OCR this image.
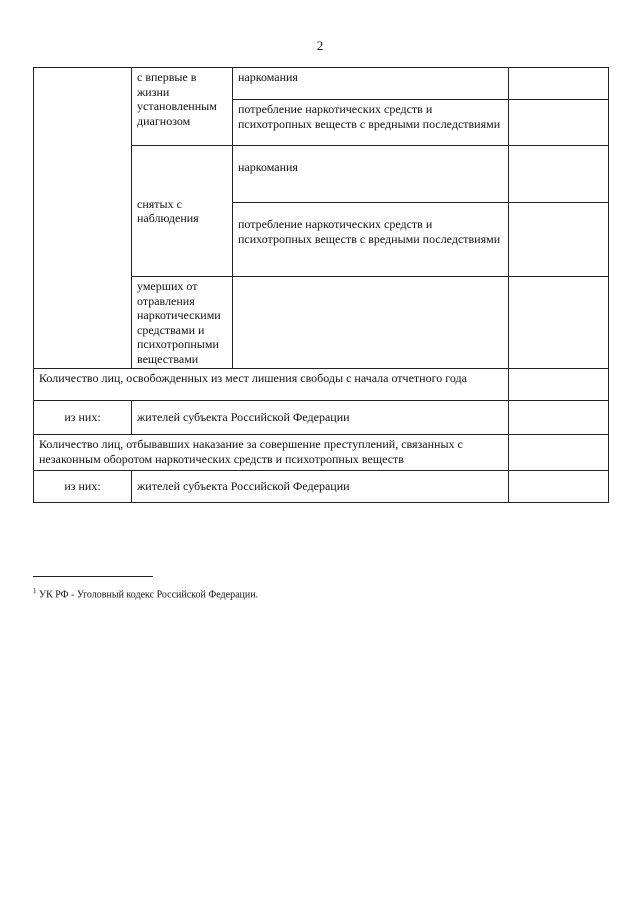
2
	с впервые в жизни установленным диагнозом	наркомания	
		потребление наркотических средств и психотропных веществ с вредными последствиями	
	снятых с наблюдения	наркомания	
		потребление наркотических средств и психотропных веществ с вредными последствиями	
	умерших от отравления наркотическими средствами и психотропными веществами		
Количество лиц, освобожденных из мест лишения свободы с начала отчетного года			
из них:	жителей субъекта Российской Федерации		
Количество лиц, отбывавших наказание за совершение преступлений, связанных с незаконным оборотом наркотических средств и психотропных веществ			
из них:	жителей субъекта Российской Федерации		
$^1$ УК РФ - Уголовный кодекс Российской Федерации.
